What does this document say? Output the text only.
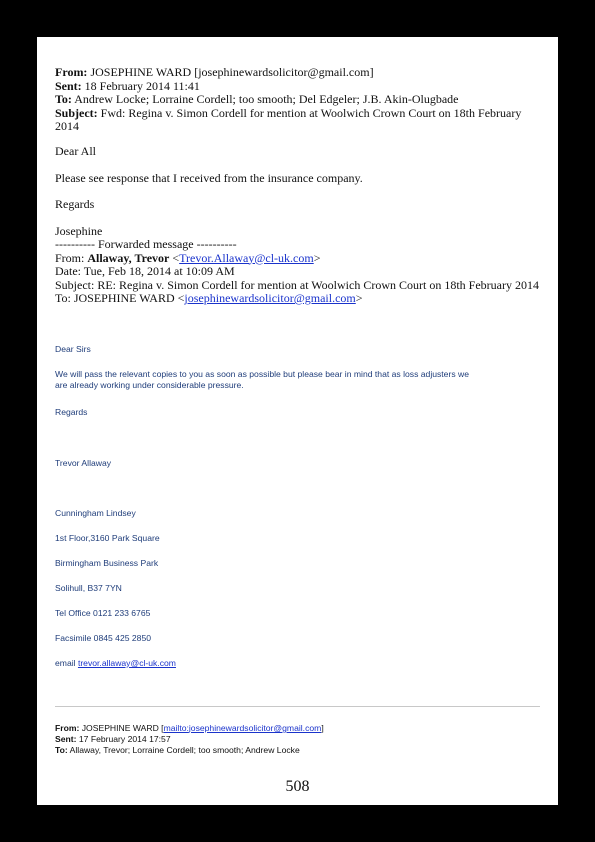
From: JOSEPHINE WARD [josephinewardsolicitor@gmail.com]
Sent: 18 February 2014 11:41
To: Andrew Locke; Lorraine Cordell; too smooth; Del Edgeler; J.B. Akin-Olugbade
Subject: Fwd: Regina v. Simon Cordell for mention at Woolwich Crown Court on 18th February
2014
Dear All
Please see response that I received from the insurance company.
Regards
Josephine
---------- Forwarded message ----------
From: Allaway, Trevor <Trevor.Allaway@cl-uk.com>
Date: Tue, Feb 18, 2014 at 10:09 AM
Subject: RE: Regina v. Simon Cordell for mention at Woolwich Crown Court on 18th February 2014
To: JOSEPHINE WARD <josephinewardsolicitor@gmail.com>
Dear Sirs
We will pass the relevant copies to you as soon as possible but please bear in mind that as loss adjusters we
are already working under considerable pressure.
Regards
Trevor Allaway
Cunningham Lindsey
1st Floor,3160 Park Square
Birmingham Business Park
Solihull, B37 7YN
Tel Office 0121 233 6765
Facsimile 0845 425 2850
email trevor.allaway@cl-uk.com
From: JOSEPHINE WARD [mailto:josephinewardsolicitor@gmail.com]
Sent: 17 February 2014 17:57
To: Allaway, Trevor; Lorraine Cordell; too smooth; Andrew Locke
508
